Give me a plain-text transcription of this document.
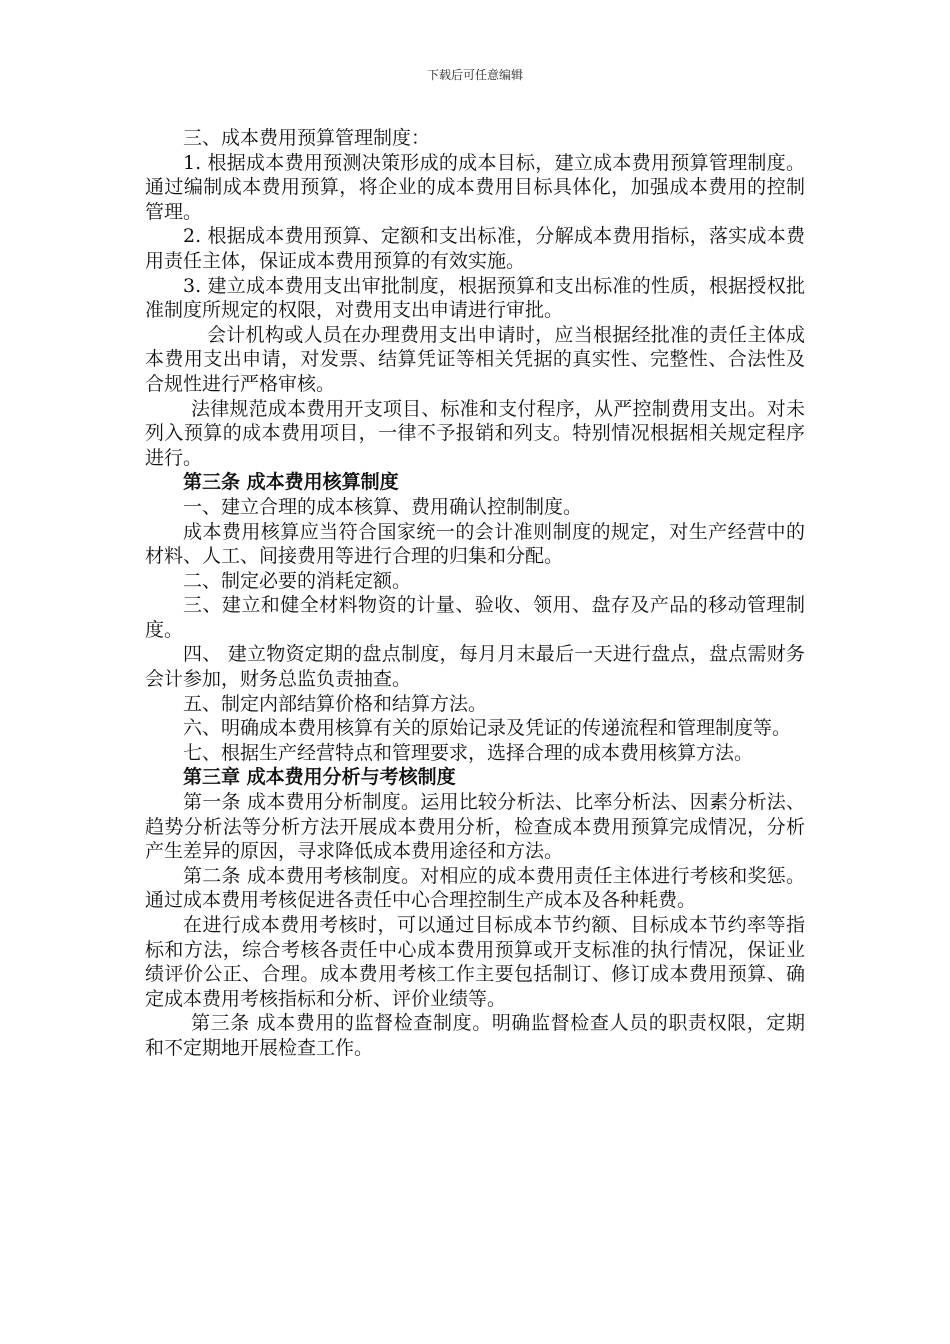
下载后可任意编辑

三、成本费用预算管理制度：

1. 根据成本费用预测决策形成的成本目标，建立成本费用预算管理制度。通过编制成本费用预算，将企业的成本费用目标具体化，加强成本费用的控制管理。

2. 根据成本费用预算、定额和支出标准，分解成本费用指标，落实成本费用责任主体，保证成本费用预算的有效实施。

3. 建立成本费用支出审批制度，根据预算和支出标准的性质，根据授权批准制度所规定的权限，对费用支出申请进行审批。

会计机构或人员在办理费用支出申请时，应当根据经批准的责任主体成本费用支出申请，对发票、结算凭证等相关凭据的真实性、完整性、合法性及合规性进行严格审核。

法律规范成本费用开支项目、标准和支付程序，从严控制费用支出。对未列入预算的成本费用项目，一律不予报销和列支。特别情况根据相关规定程序进行。

第三条 成本费用核算制度

一、建立合理的成本核算、费用确认控制制度。

成本费用核算应当符合国家统一的会计准则制度的规定，对生产经营中的材料、人工、间接费用等进行合理的归集和分配。

二、制定必要的消耗定额。

三、建立和健全材料物资的计量、验收、领用、盘存及产品的移动管理制度。

四、 建立物资定期的盘点制度，每月月末最后一天进行盘点，盘点需财务会计参加，财务总监负责抽查。

五、制定内部结算价格和结算方法。

六、明确成本费用核算有关的原始记录及凭证的传递流程和管理制度等。

七、根据生产经营特点和管理要求，选择合理的成本费用核算方法。

第三章 成本费用分析与考核制度

第一条 成本费用分析制度。运用比较分析法、比率分析法、因素分析法、趋势分析法等分析方法开展成本费用分析，检查成本费用预算完成情况，分析产生差异的原因，寻求降低成本费用途径和方法。

第二条 成本费用考核制度。对相应的成本费用责任主体进行考核和奖惩。通过成本费用考核促进各责任中心合理控制生产成本及各种耗费。

在进行成本费用考核时，可以通过目标成本节约额、目标成本节约率等指标和方法，综合考核各责任中心成本费用预算或开支标准的执行情况，保证业绩评价公正、合理。成本费用考核工作主要包括制订、修订成本费用预算、确定成本费用考核指标和分析、评价业绩等。

第三条 成本费用的监督检查制度。明确监督检查人员的职责权限，定期和不定期地开展检查工作。
